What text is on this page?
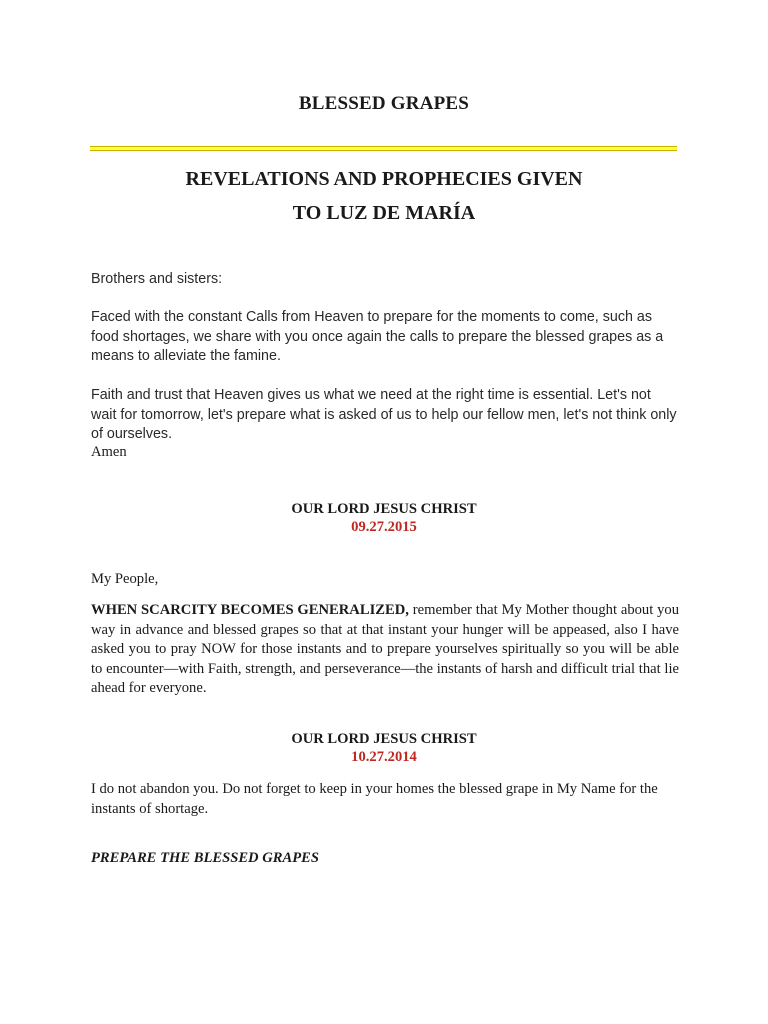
BLESSED GRAPES
REVELATIONS AND PROPHECIES GIVEN
TO LUZ DE MARÍA
Brothers and sisters:
Faced with the constant Calls from Heaven to prepare for the moments to come, such as food shortages, we share with you once again the calls to prepare the blessed grapes as a means to alleviate the famine.
Faith and trust that Heaven gives us what we need at the right time is essential. Let's not wait for tomorrow, let's prepare what is asked of us to help our fellow men, let's not think only of ourselves.
Amen
OUR LORD JESUS CHRIST
09.27.2015
My People,
WHEN SCARCITY BECOMES GENERALIZED, remember that My Mother thought about you way in advance and blessed grapes so that at that instant your hunger will be appeased, also I have asked you to pray NOW for those instants and to prepare yourselves spiritually so you will be able to encounter—with Faith, strength, and perseverance—the instants of harsh and difficult trial that lie ahead for everyone.
OUR LORD JESUS CHRIST
10.27.2014
I do not abandon you. Do not forget to keep in your homes the blessed grape in My Name for the instants of shortage.
PREPARE THE BLESSED GRAPES
